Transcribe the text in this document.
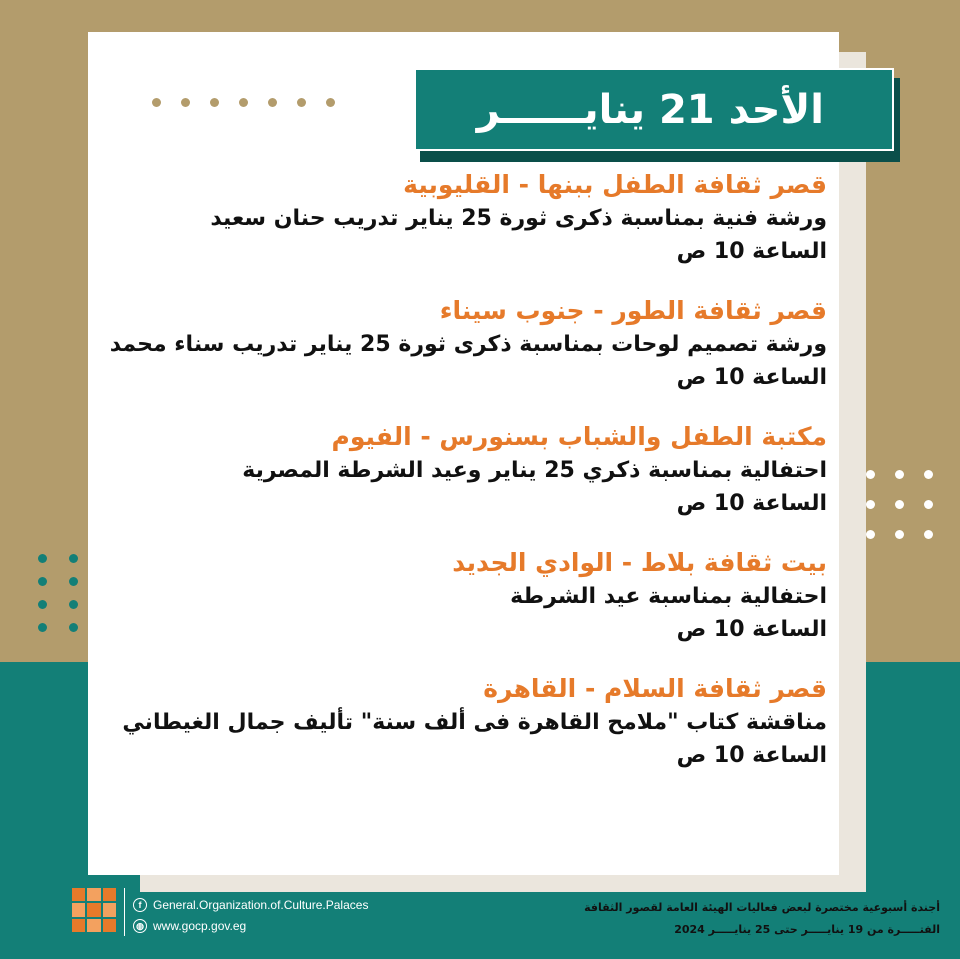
الأحد 21 ينايــــــر
قصر ثقافة الطفل ببنها - القليوبية
ورشة فنية بمناسبة ذكرى ثورة 25 يناير تدريب حنان سعيد
الساعة 10 ص
قصر ثقافة الطور - جنوب سيناء
ورشة تصميم لوحات بمناسبة ذكرى ثورة 25 يناير تدريب سناء محمد
الساعة 10 ص
مكتبة الطفل والشباب بسنورس - الفيوم
احتفالية بمناسبة ذكري 25 يناير وعيد الشرطة المصرية
الساعة 10 ص
بيت ثقافة بلاط - الوادي الجديد
احتفالية بمناسبة عيد الشرطة
الساعة 10 ص
قصر ثقافة السلام - القاهرة
مناقشة كتاب "ملامح القاهرة فى ألف سنة" تأليف جمال الغيطاني
الساعة 10 ص
f General.Organization.of.Culture.Palaces
◍ www.gocp.gov.eg
أجندة أسبوعية مختصرة لبعض فعاليات الهيئة العامة لقصور الثقافة
الفتـــــرة من 19 ينايـــــر حتى 25 ينايـــــر 2024
